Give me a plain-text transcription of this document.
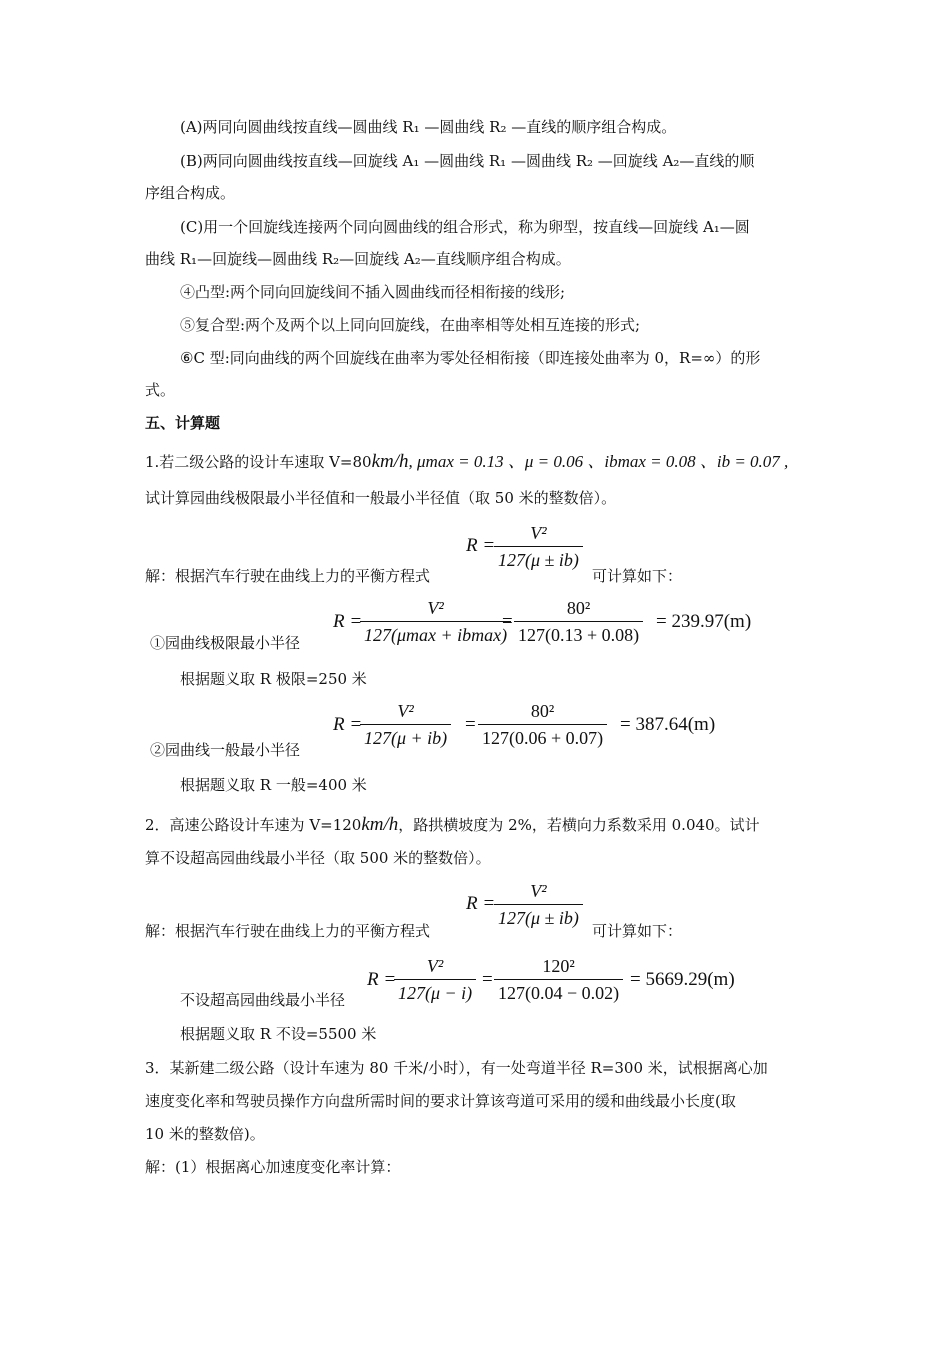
(A)两同向圆曲线按直线—圆曲线 R₁ —圆曲线 R₂ —直线的顺序组合构成。
(B)两同向圆曲线按直线—回旋线 A₁ —圆曲线 R₁ —圆曲线 R₂ —回旋线 A₂—直线的顺
序组合构成。
(C)用一个回旋线连接两个同向圆曲线的组合形式，称为卵型，按直线—回旋线 A₁—圆
曲线 R₁—回旋线—圆曲线 R₂—回旋线 A₂—直线顺序组合构成。
④凸型:两个同向回旋线间不插入圆曲线而径相衔接的线形;
⑤复合型:两个及两个以上同向回旋线，在曲率相等处相互连接的形式;
⑥C 型:同向曲线的两个回旋线在曲率为零处径相衔接（即连接处曲率为 0，R=∞）的形
式。
五、计算题
1.若二级公路的设计车速取 V=80km/h, μmax = 0.13 、μ = 0.06 、ibmax = 0.08 、ib = 0.07 ,
试计算园曲线极限最小半径值和一般最小半径值（取 50 米的整数倍）。
R =
$\frac{\text{V²}}{127(\mu \pm ib)}$
解：根据汽车行驶在曲线上力的平衡方程式	可计算如下：
R =
V²
127(μmax + ibmax)
= $\frac{\text{80²}}{127(0.13 + 0.08)} = 239.97(m)$
①园曲线极限最小半径
根据题义取 R 极限=250 米
R =
$\frac{\text{V²}}{127(\mu + ib)} = \frac{\text{80²}}{127(0.06 + 0.07)} = 387.64(m)$
②园曲线一般最小半径
根据题义取 R 一般=400 米
2．高速公路设计车速为 V=120km/h，路拱横坡度为 2%，若横向力系数采用 0.040。试计
算不设超高园曲线最小半径（取 500 米的整数倍）。
R =
$\frac{\text{V²}}{127(\mu \pm ib)}$
解：根据汽车行驶在曲线上力的平衡方程式	可计算如下：
R =
$\frac{\text{V²}}{127(\mu - i)} = \frac{\text{120²}}{127(0.04 - 0.02)} = 5669.29(m)$
不设超高园曲线最小半径
根据题义取 R 不设=5500 米
3．某新建二级公路（设计车速为 80 千米/小时），有一处弯道半径 R=300 米，试根据离心加
速度变化率和驾驶员操作方向盘所需时间的要求计算该弯道可采用的缓和曲线最小长度(取
10 米的整数倍)。
解：(1）根据离心加速度变化率计算：
